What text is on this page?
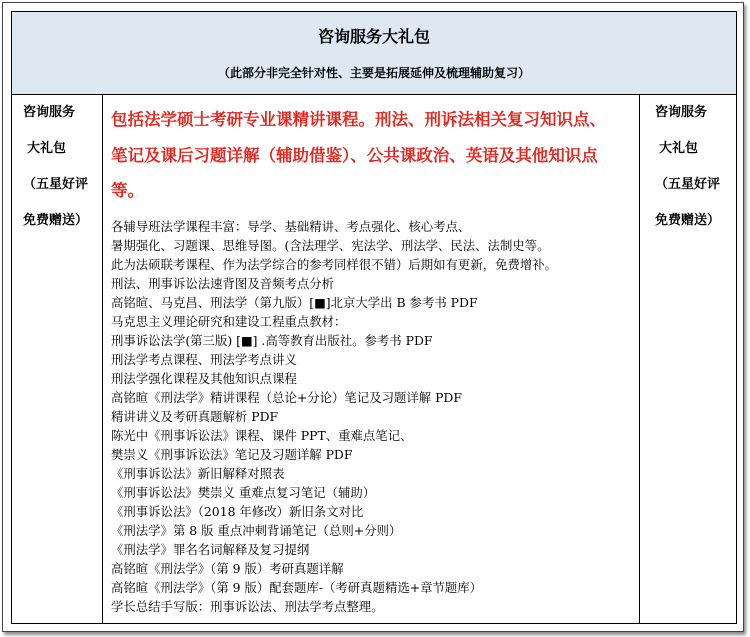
咨询服务大礼包
（此部分非完全针对性、主要是拓展延伸及梳理辅助复习）
咨询服务
大礼包
（五星好评
免费赠送）
包括法学硕士考研专业课精讲课程。刑法、刑诉法相关复习知识点、
笔记及课后习题详解（辅助借鉴）、公共课政治、英语及其他知识点
等。
各辅导班法学课程丰富：导学、基础精讲、考点强化、核心考点、
暑期强化、习题课、思维导图。(含法理学、宪法学、刑法学、民法、法制史等。
此为法硕联考课程、作为法学综合的参考同样很不错）后期如有更新，免费增补。
刑法、刑事诉讼法速背图及音频考点分析
高铭暄、马克昌、刑法学（第九版）[■]北京大学出 B 参考书 PDF
马克思主义理论研究和建设工程重点教材：
刑事诉讼法学(第三版) [■] .高等教育出版社。参考书 PDF
刑法学考点课程、刑法学考点讲义
刑法学强化课程及其他知识点课程
高铭暄《刑法学》精讲课程（总论+分论）笔记及习题详解 PDF
精讲讲义及考研真题解析 PDF
陈光中《刑事诉讼法》课程、课件 PPT、重难点笔记、
樊崇义《刑事诉讼法》笔记及习题详解 PDF
《刑事诉讼法》新旧解释对照表
《刑事诉讼法》樊崇义 重难点复习笔记（辅助）
《刑事诉讼法》（2018 年修改）新旧条文对比
《刑法学》第 8 版 重点冲刺背诵笔记（总则+分则）
《刑法学》罪名名词解释及复习提纲
高铭暄《刑法学》（第 9 版）考研真题详解
高铭暄《刑法学》（第 9 版）配套题库-（考研真题精选+章节题库）
学长总结手写版：刑事诉讼法、刑法学考点整理。
咨询服务
大礼包
（五星好评
免费赠送）
